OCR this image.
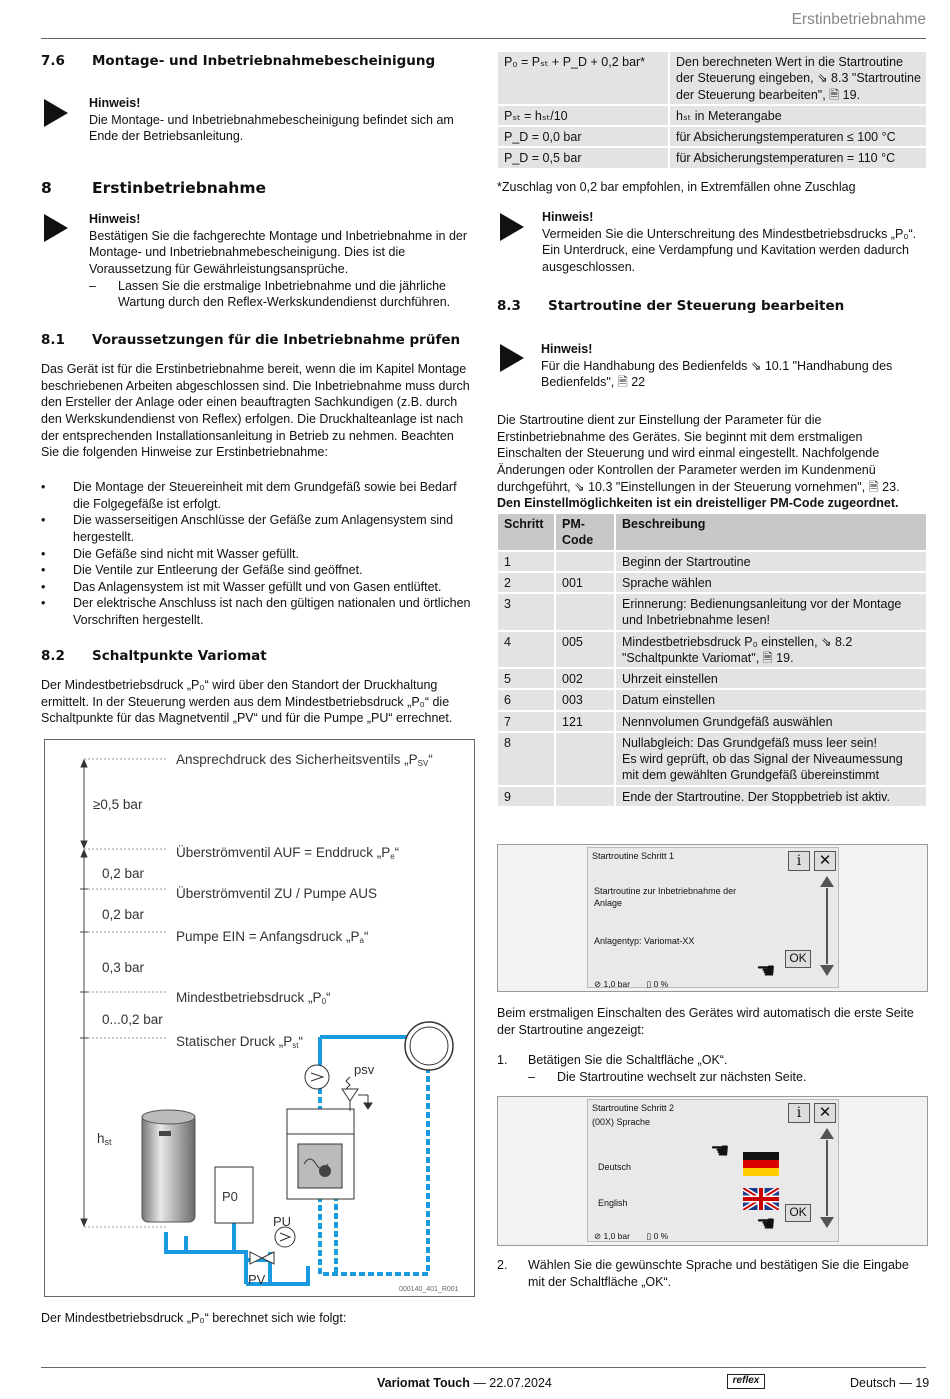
Erstinbetriebnahme
7.6 Montage- und Inbetriebnahmebescheinigung
Hinweis!
Die Montage- und Inbetriebnahmebescheinigung befindet sich am Ende der Betriebsanleitung.
8	Erstinbetriebnahme
Hinweis!
Bestätigen Sie die fachgerechte Montage und Inbetriebnahme in der Montage- und Inbetriebnahmebescheinigung. Dies ist die Voraussetzung für Gewährleistungsansprüche.
– Lassen Sie die erstmalige Inbetriebnahme und die jährliche Wartung durch den Reflex-Werkskundendienst durchführen.
8.1 Voraussetzungen für die Inbetriebnahme prüfen
Das Gerät ist für die Erstinbetriebnahme bereit, wenn die im Kapitel Montage beschriebenen Arbeiten abgeschlossen sind. Die Inbetriebnahme muss durch den Ersteller der Anlage oder einen beauftragten Sachkundigen (z.B. durch den Werkskundendienst von Reflex) erfolgen. Die Druckhalteanlage ist nach der entsprechenden Installationsanleitung in Betrieb zu nehmen. Beachten Sie die folgenden Hinweise zur Erstinbetriebnahme:
• Die Montage der Steuereinheit mit dem Grundgefäß sowie bei Bedarf die Folgegefäße ist erfolgt.
• Die wasserseitigen Anschlüsse der Gefäße zum Anlagensystem sind hergestellt.
• Die Gefäße sind nicht mit Wasser gefüllt.
• Die Ventile zur Entleerung der Gefäße sind geöffnet.
• Das Anlagensystem ist mit Wasser gefüllt und von Gasen entlüftet.
• Der elektrische Anschluss ist nach den gültigen nationalen und örtlichen Vorschriften hergestellt.
8.2 Schaltpunkte Variomat
Der Mindestbetriebsdruck „P₀“ wird über den Standort der Druckhaltung ermittelt. In der Steuerung werden aus dem Mindestbetriebsdruck „P₀“ die Schaltpunkte für das Magnetventil „PV“ und für die Pumpe „PU“ errechnet.
Ansprechdruck des Sicherheitsventils „PSV“
Überströmventil AUF = Enddruck „Pe“
Überströmventil ZU / Pumpe AUS
Pumpe EIN = Anfangsdruck „Pa“
Mindestbetriebsdruck „P0“
Statischer Druck „Pst“
≥0,5 bar
0,2 bar
0,2 bar
0,3 bar
0...0,2 bar
hst
P0
psv
PU
PV
000140_401_R001
Der Mindestbetriebsdruck „P₀“ berechnet sich wie folgt:
P₀ = Pₛₜ + P_D + 0,2 bar*	Den berechneten Wert in die Startroutine der Steuerung eingeben, ⇘ 8.3 "Startroutine der Steuerung bearbeiten", 🗎 19.
Pₛₜ = hₛₜ/10	hₛₜ in Meterangabe
P_D = 0,0 bar	für Absicherungstemperaturen ≤ 100 °C
P_D = 0,5 bar	für Absicherungstemperaturen = 110 °C
*Zuschlag von 0,2 bar empfohlen, in Extremfällen ohne Zuschlag
Hinweis!
Vermeiden Sie die Unterschreitung des Mindestbetriebsdrucks „P₀“. Ein Unterdruck, eine Verdampfung und Kavitation werden dadurch ausgeschlossen.
8.3 Startroutine der Steuerung bearbeiten
Hinweis!
Für die Handhabung des Bedienfelds ⇘ 10.1 "Handhabung des Bedienfelds", 🗎 22
Die Startroutine dient zur Einstellung der Parameter für die Erstinbetriebnahme des Gerätes. Sie beginnt mit dem erstmaligen Einschalten der Steuerung und wird einmal eingestellt. Nachfolgende Änderungen oder Kontrollen der Parameter werden im Kundenmenü durchgeführt, ⇘ 10.3 "Einstellungen in der Steuerung vornehmen", 🗎 23.
Den Einstellmöglichkeiten ist ein dreistelliger PM-Code zugeordnet.
Schritt	PM-Code	Beschreibung
1		Beginn der Startroutine
2	001	Sprache wählen
3		Erinnerung: Bedienungsanleitung vor der Montage und Inbetriebnahme lesen!
4	005	Mindestbetriebsdruck P₀ einstellen, ⇘ 8.2 "Schaltpunkte Variomat", 🗎 19.
5	002	Uhrzeit einstellen
6	003	Datum einstellen
7	121	Nennvolumen Grundgefäß auswählen
8		Nullabgleich: Das Grundgefäß muss leer sein!
Es wird geprüft, ob das Signal der Niveaumessung mit dem gewählten Grundgefäß übereinstimmt
9		Ende der Startroutine. Der Stoppbetrieb ist aktiv.
Startroutine Schritt 1
Startroutine zur Inbetriebnahme der Anlage
Anlagentyp: Variomat-XX
i	✕
OK
☚
⊘ 1,0 bar ▯ 0 %
Beim erstmaligen Einschalten des Gerätes wird automatisch die erste Seite der Startroutine angezeigt:
1. Betätigen Sie die Schaltfläche „OK“.
– Die Startroutine wechselt zur nächsten Seite.
Startroutine Schritt 2
(00X) Sprache
i	✕
Deutsch
☚
English
OK
☚
⊘ 1,0 bar ▯ 0 %
2. Wählen Sie die gewünschte Sprache und bestätigen Sie die Eingabe mit der Schaltfläche „OK“.
Variomat Touch — 22.07.2024	reflex	Deutsch — 19
